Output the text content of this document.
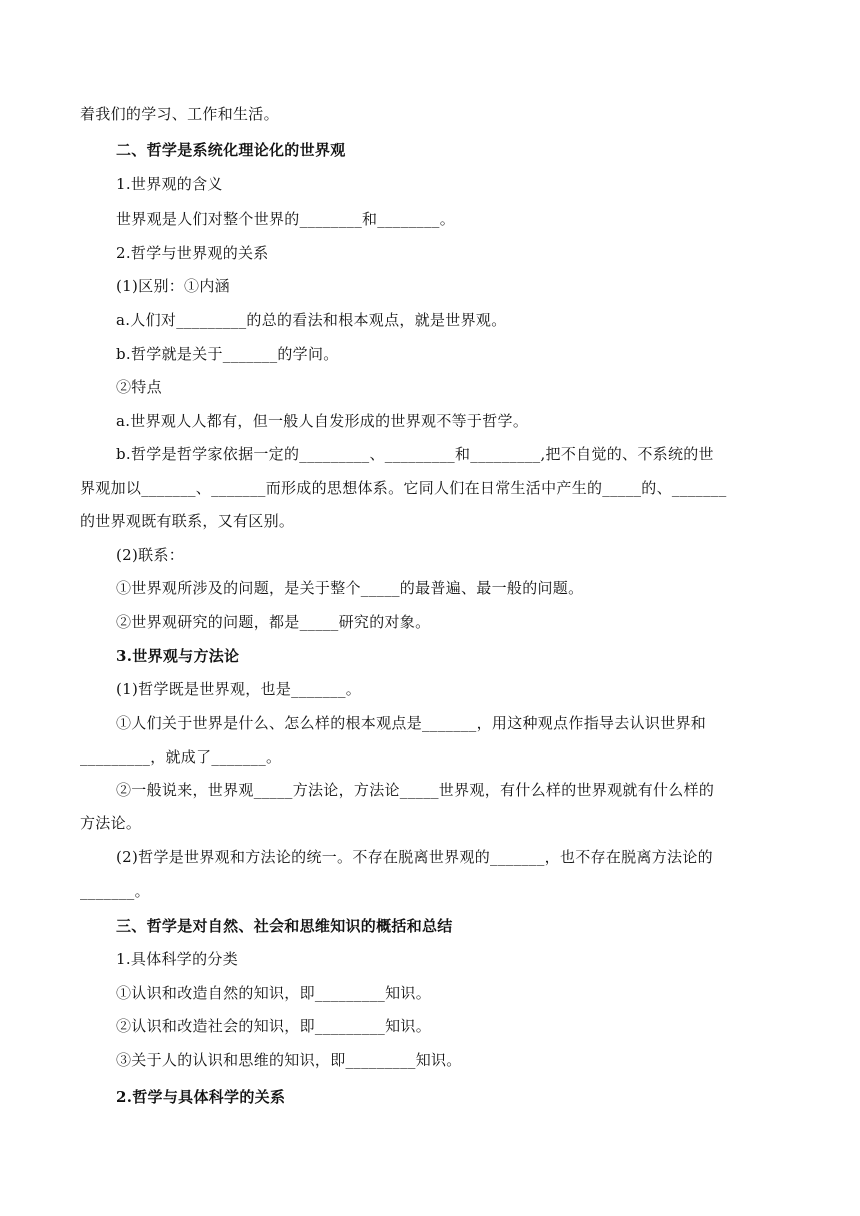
着我们的学习、工作和生活。
二、哲学是系统化理论化的世界观
1.世界观的含义
世界观是人们对整个世界的________和________。
2.哲学与世界观的关系
(1)区别：①内涵
a.人们对_________的总的看法和根本观点，就是世界观。
b.哲学就是关于_______的学问。
②特点
a.世界观人人都有，但一般人自发形成的世界观不等于哲学。
b.哲学是哲学家依据一定的_________、_________和_________,把不自觉的、不系统的世
界观加以_______、_______而形成的思想体系。它同人们在日常生活中产生的_____的、_______
的世界观既有联系，又有区别。
(2)联系：
①世界观所涉及的问题，是关于整个_____的最普遍、最一般的问题。
②世界观研究的问题，都是_____研究的对象。
3.世界观与方法论
(1)哲学既是世界观，也是_______。
①人们关于世界是什么、怎么样的根本观点是_______，用这种观点作指导去认识世界和
_________，就成了_______。
②一般说来，世界观_____方法论，方法论_____世界观，有什么样的世界观就有什么样的
方法论。
(2)哲学是世界观和方法论的统一。不存在脱离世界观的_______，也不存在脱离方法论的
_______。
三、哲学是对自然、社会和思维知识的概括和总结
1.具体科学的分类
①认识和改造自然的知识，即_________知识。
②认识和改造社会的知识，即_________知识。
③关于人的认识和思维的知识，即_________知识。
2.哲学与具体科学的关系
